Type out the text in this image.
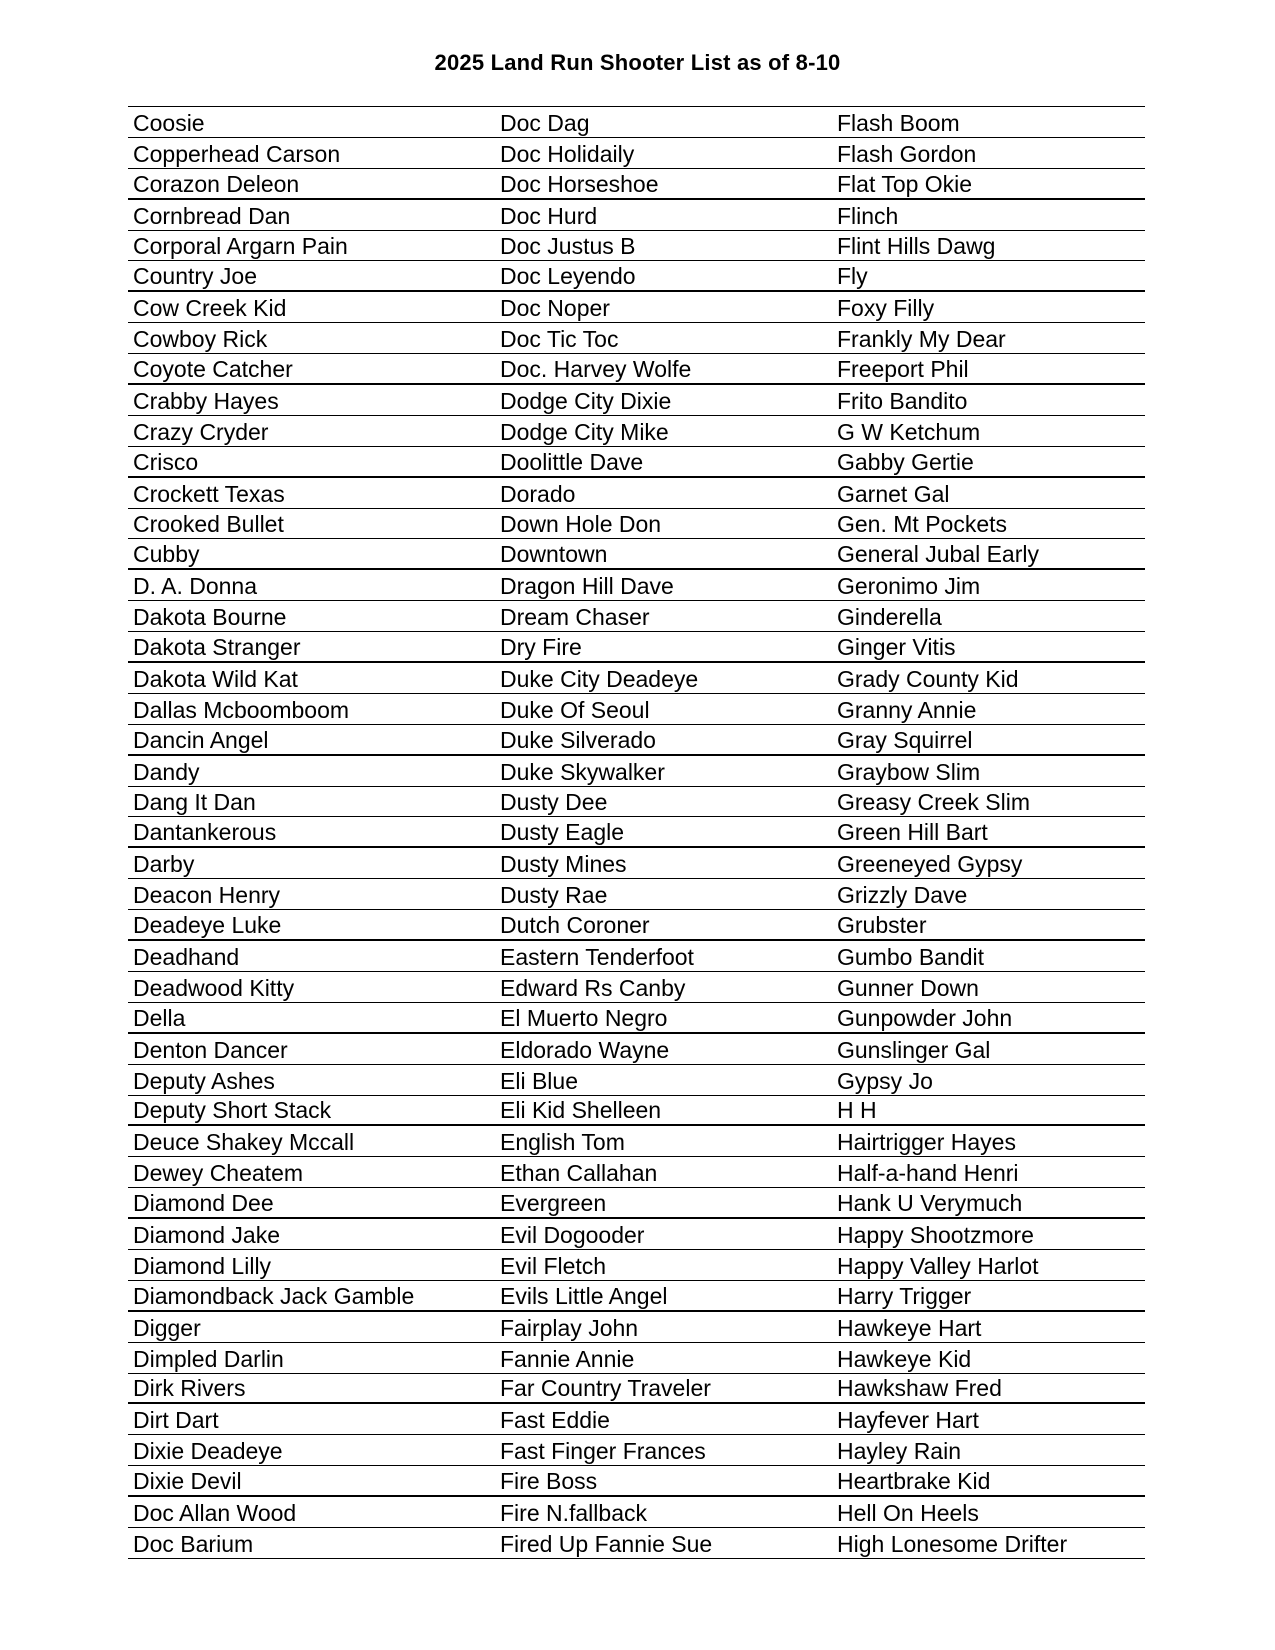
2025 Land Run Shooter List as of 8-10
Coosie	Doc Dag	Flash Boom
Copperhead Carson	Doc Holidaily	Flash Gordon
Corazon Deleon	Doc Horseshoe	Flat Top Okie
Cornbread Dan	Doc Hurd	Flinch
Corporal Argarn Pain	Doc Justus B	Flint Hills Dawg
Country Joe	Doc Leyendo	Fly
Cow Creek Kid	Doc Noper	Foxy Filly
Cowboy Rick	Doc Tic Toc	Frankly My Dear
Coyote Catcher	Doc. Harvey Wolfe	Freeport Phil
Crabby Hayes	Dodge City Dixie	Frito Bandito
Crazy Cryder	Dodge City Mike	G W Ketchum
Crisco	Doolittle Dave	Gabby Gertie
Crockett Texas	Dorado	Garnet Gal
Crooked Bullet	Down Hole Don	Gen. Mt Pockets
Cubby	Downtown	General Jubal Early
D. A. Donna	Dragon Hill Dave	Geronimo Jim
Dakota Bourne	Dream Chaser	Ginderella
Dakota Stranger	Dry Fire	Ginger Vitis
Dakota Wild Kat	Duke City Deadeye	Grady County Kid
Dallas Mcboomboom	Duke Of Seoul	Granny Annie
Dancin Angel	Duke Silverado	Gray Squirrel
Dandy	Duke Skywalker	Graybow Slim
Dang It Dan	Dusty Dee	Greasy Creek Slim
Dantankerous	Dusty Eagle	Green Hill Bart
Darby	Dusty Mines	Greeneyed Gypsy
Deacon Henry	Dusty Rae	Grizzly Dave
Deadeye Luke	Dutch Coroner	Grubster
Deadhand	Eastern Tenderfoot	Gumbo Bandit
Deadwood Kitty	Edward Rs Canby	Gunner Down
Della	El Muerto Negro	Gunpowder John
Denton Dancer	Eldorado Wayne	Gunslinger Gal
Deputy Ashes	Eli Blue	Gypsy Jo
Deputy Short Stack	Eli Kid Shelleen	H H
Deuce Shakey Mccall	English Tom	Hairtrigger Hayes
Dewey Cheatem	Ethan Callahan	Half-a-hand Henri
Diamond Dee	Evergreen	Hank U Verymuch
Diamond Jake	Evil Dogooder	Happy Shootzmore
Diamond Lilly	Evil Fletch	Happy Valley Harlot
Diamondback Jack Gamble	Evils Little Angel	Harry Trigger
Digger	Fairplay John	Hawkeye Hart
Dimpled Darlin	Fannie Annie	Hawkeye Kid
Dirk Rivers	Far Country Traveler	Hawkshaw Fred
Dirt Dart	Fast Eddie	Hayfever Hart
Dixie Deadeye	Fast Finger Frances	Hayley Rain
Dixie Devil	Fire Boss	Heartbrake Kid
Doc Allan Wood	Fire N.fallback	Hell On Heels
Doc Barium	Fired Up Fannie Sue	High Lonesome Drifter
